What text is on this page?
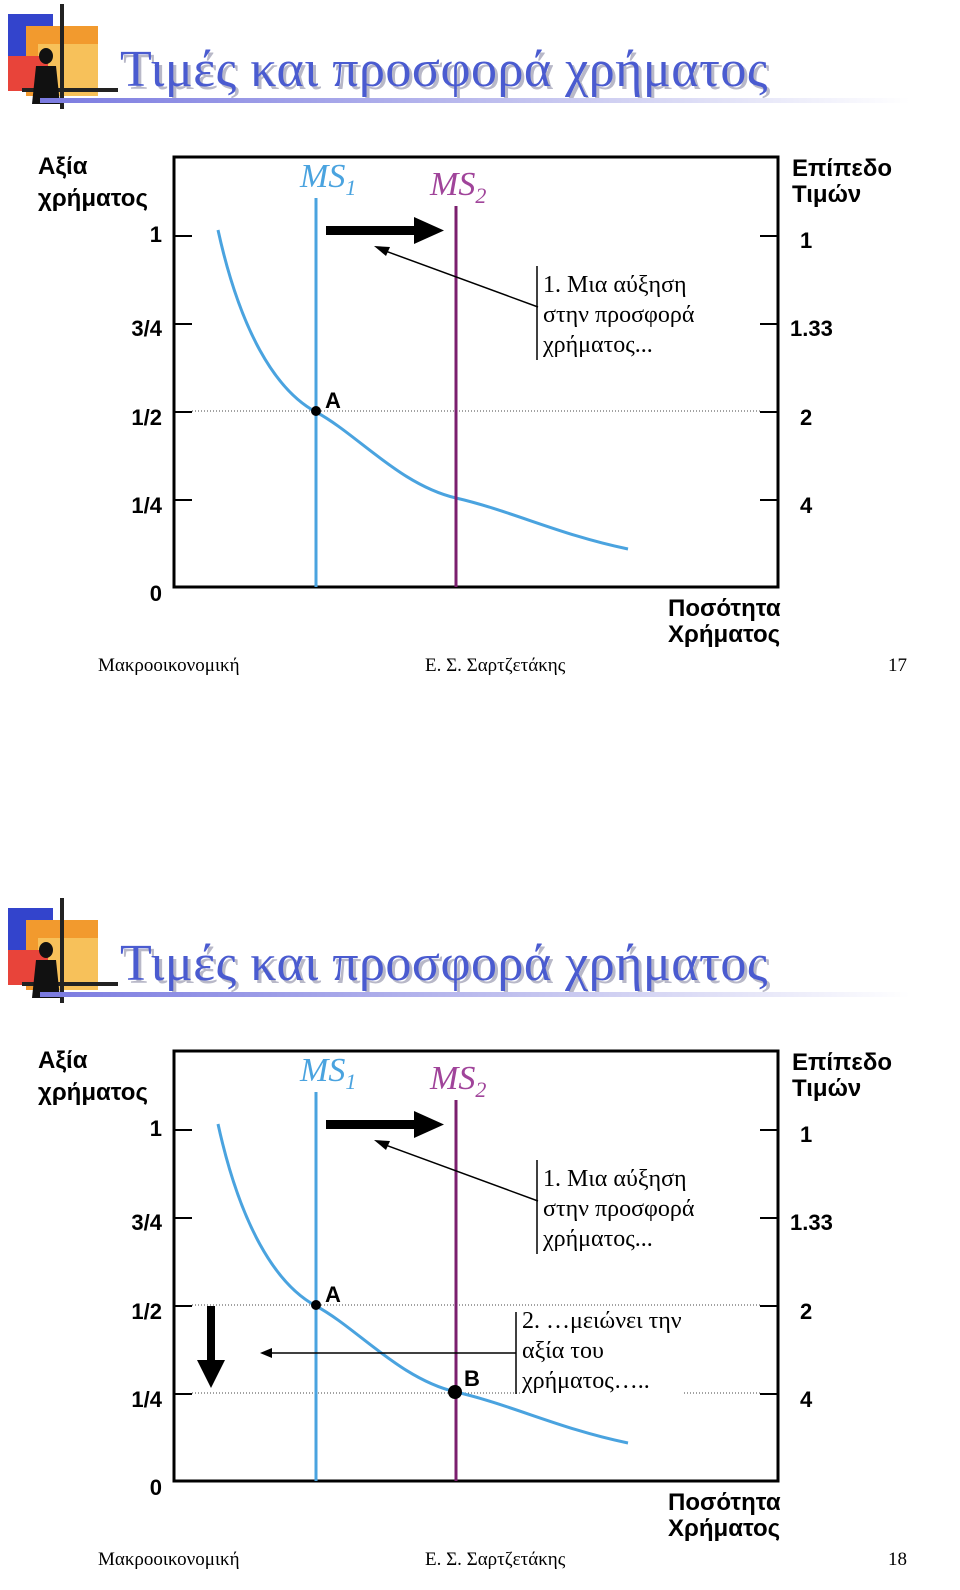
Τιμές και προσφορά χρήματος
Αξία
χρήματος
Επίπεδο
Τιμών
1
3/4
1/2
1/4
0
1
1.33
2
4
$MS_1$ $MS_2$
1. Μια αύξηση
στην προσφορά
χρήματος...
A
Ποσότητα
Χρήματος
Μακροοικονομική	Ε. Σ. Σαρτζετάκης	17
Τιμές και προσφορά χρήματος
Αξία
χρήματος
Επίπεδο
Τιμών
1
3/4
1/2
1/4
0
1
1.33
2
4
$MS_1$ $MS_2$
1. Μια αύξηση
στην προσφορά
χρήματος...
2. …μειώνει την
αξία του
χρήματος…..
A
B
Ποσότητα
Χρήματος
Μακροοικονομική	Ε. Σ. Σαρτζετάκης	18
